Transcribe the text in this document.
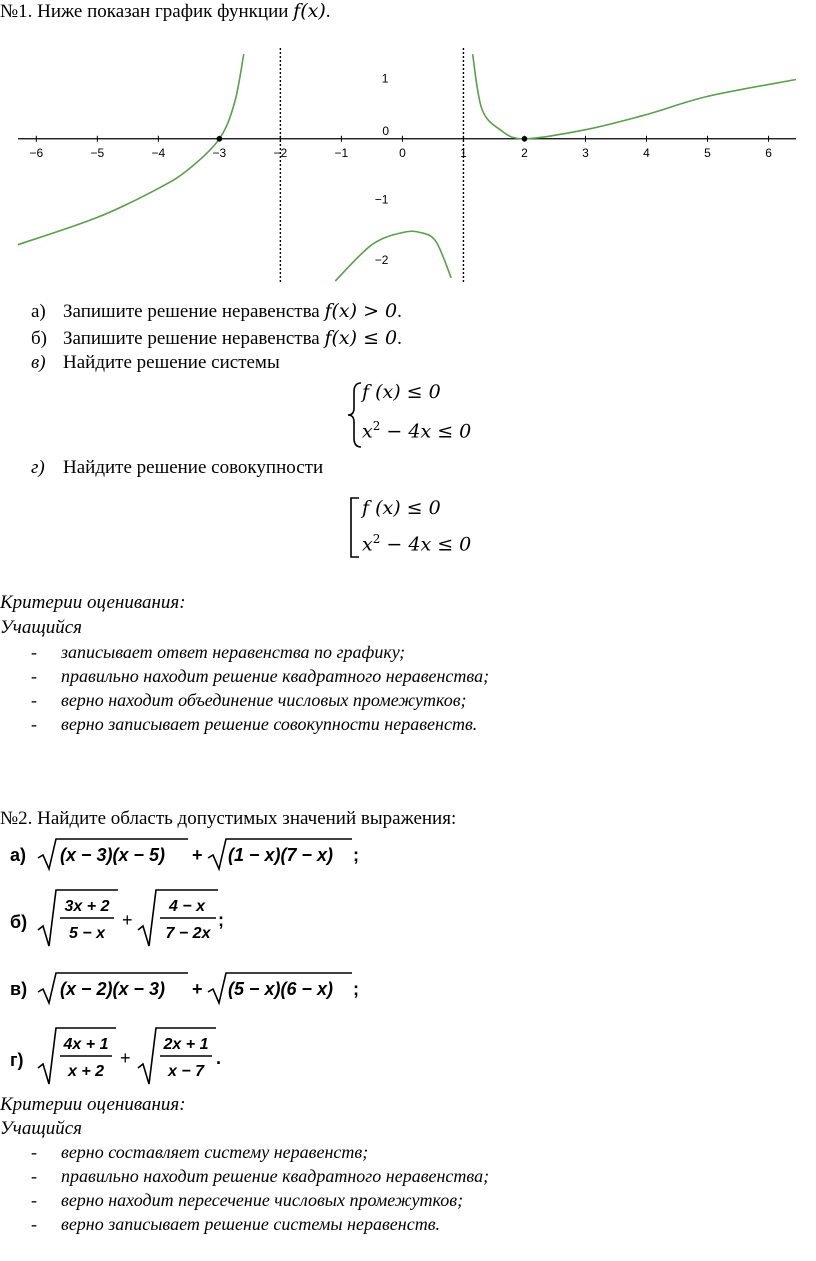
№1. Ниже показан график функции f(x).
−6	−5	−4	−3	−2	−1	1	2	3	4	5	6
0
0
1
−1
−2
а) Запишите решение неравенства f(x) > 0.
б) Запишите решение неравенства f(x) ≤ 0.
в) Найдите решение системы
f (x) ≤ 0
$x^2 - 4x \le 0$
г) Найдите решение совокупности
f (x) ≤ 0
$x^2 - 4x \le 0$
Критерии оценивания:
Учащийся
- записывает ответ неравенства по графику;
- правильно находит решение квадратного неравенства;
- верно находит объединение числовых промежутков;
- верно записывает решение совокупности неравенств.
№2. Найдите область допустимых значений выражения:
а) (x − 3)(x − 5) + (1 − x)(7 − x) ;
б)
3x + 2
5 − x
+
4 − x
7 − 2x
;
в) (x − 2)(x − 3) + (5 − x)(6 − x) ;
г)
4x + 1
x + 2
+
2x + 1
x − 7
.
Критерии оценивания:
Учащийся
- верно составляет систему неравенств;
- правильно находит решение квадратного неравенства;
- верно находит пересечение числовых промежутков;
- верно записывает решение системы неравенств.
